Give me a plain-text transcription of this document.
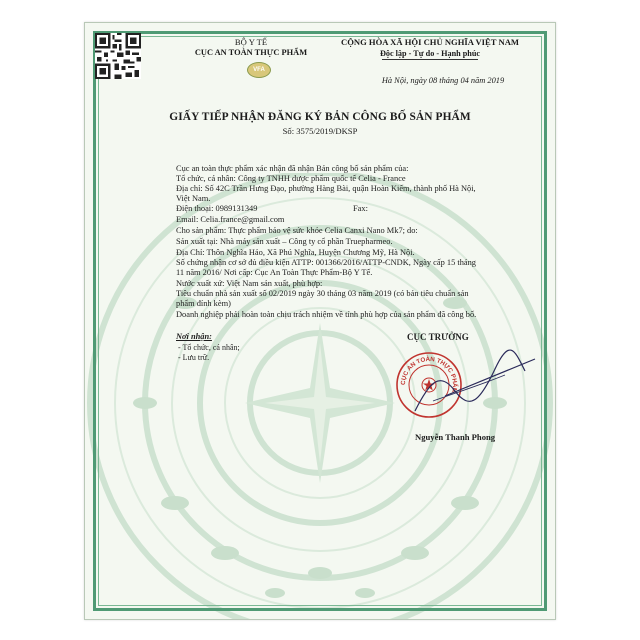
BỘ Y TẾ
CỤC AN TOÀN THỰC PHẨM
VFA
CỘNG HÒA XÃ HỘI CHỦ NGHĨA VIỆT NAM
Độc lập - Tự do - Hạnh phúc
Hà Nội, ngày 08 tháng 04 năm 2019
GIẤY TIẾP NHẬN ĐĂNG KÝ BẢN CÔNG BỐ SẢN PHẨM
Số: 3575/2019/DKSP
Cục an toàn thực phẩm xác nhận đã nhận Bản công bố sản phẩm của:
Tổ chức, cá nhân: Công ty TNHH dược phẩm quốc tế Celia - France
Địa chỉ: Số 42C Trần Hưng Đạo, phường Hàng Bài, quận Hoàn Kiếm, thành phố Hà Nội,
Việt Nam.
Điện thoại: 0989131349	Fax:
Email: Celia.france@gmail.com
Cho sản phẩm: Thực phẩm bảo vệ sức khỏe Celia Canxi Nano Mk7; do:
Sản xuất tại: Nhà máy sản xuất – Công ty cổ phần Truepharmeo.
Địa Chỉ: Thôn Nghĩa Hảo, Xã Phú Nghĩa, Huyện Chương Mỹ, Hà Nội.
Số chứng nhận cơ sở đủ điều kiện ATTP: 001366/2016/ATTP-CNDK, Ngày cấp 15 tháng
11 năm 2016/ Nơi cấp: Cục An Toàn Thực Phẩm-Bộ Y Tế.
Nước xuất xứ: Việt Nam sản xuất, phù hợp:
Tiêu chuẩn nhà sản xuất số 02/2019 ngày 30 tháng 03 năm 2019 (có bản tiêu chuẩn sản
phẩm đính kèm)
Doanh nghiệp phải hoàn toàn chịu trách nhiệm về tính phù hợp của sản phẩm đã công bố.
Nơi nhận:
- Tổ chức, cá nhân;
- Lưu trữ.
CỤC TRƯỞNG
CỤC AN TOÀN THỰC PHẨM
Nguyễn Thanh Phong
